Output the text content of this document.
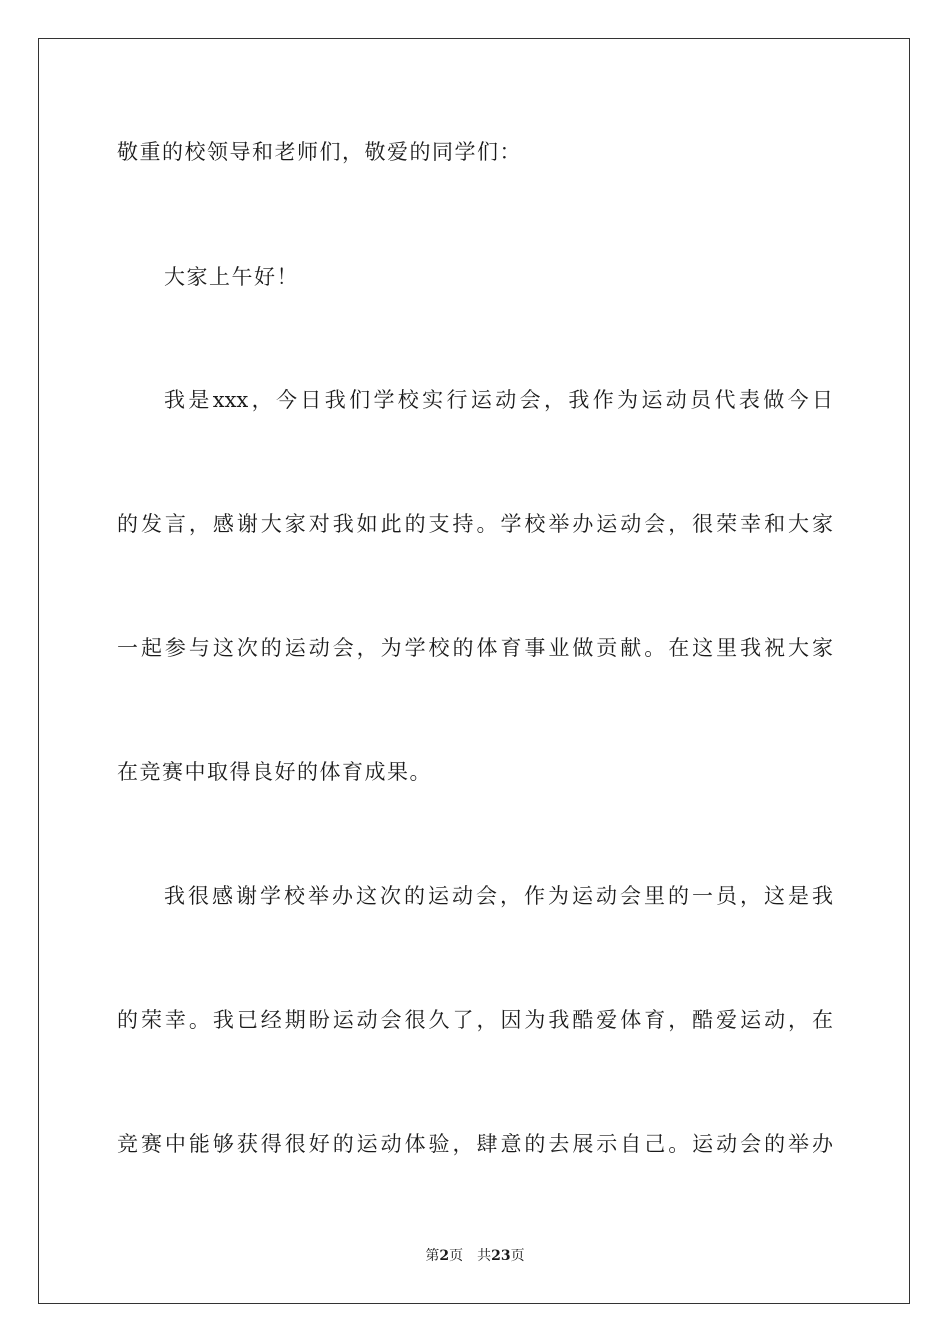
敬重的校领导和老师们，敬爱的同学们：
大家上午好！
我是xxx，今日我们学校实行运动会，我作为运动员代表做今日
的发言，感谢大家对我如此的支持。学校举办运动会，很荣幸和大家
一起参与这次的运动会，为学校的体育事业做贡献。在这里我祝大家
在竞赛中取得良好的体育成果。
我很感谢学校举办这次的运动会，作为运动会里的一员，这是我
的荣幸。我已经期盼运动会很久了，因为我酷爱体育，酷爱运动，在
竞赛中能够获得很好的运动体验，肆意的去展示自己。运动会的举办
第2页 共23页
